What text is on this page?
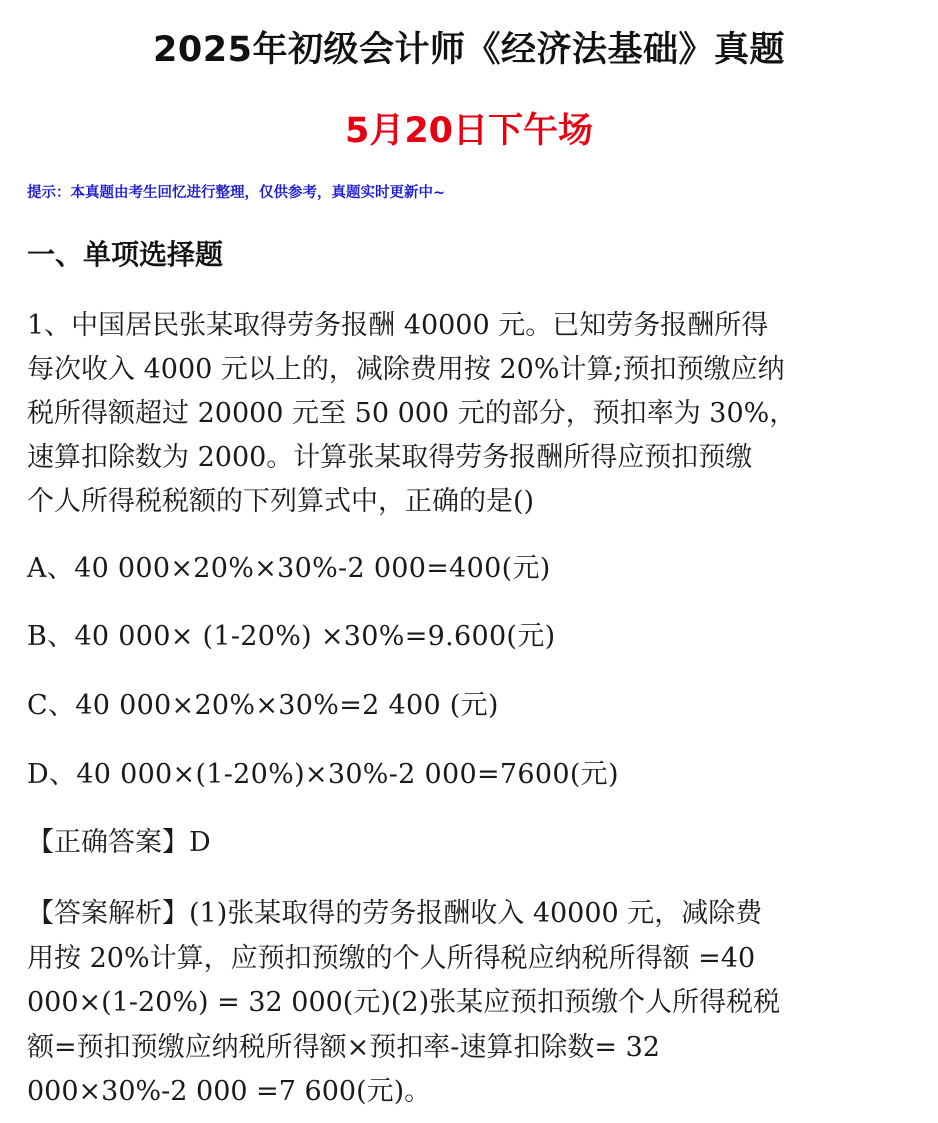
2025年初级会计师《经济法基础》真题
5月20日下午场
提示：本真题由考生回忆进行整理，仅供参考，真题实时更新中~
一、单项选择题
1、中国居民张某取得劳务报酬 40000 元。已知劳务报酬所得
每次收入 4000 元以上的，减除费用按 20%计算;预扣预缴应纳
税所得额超过 20000 元至 50 000 元的部分，预扣率为 30%，
速算扣除数为 2000。计算张某取得劳务报酬所得应预扣预缴
个人所得税税额的下列算式中，正确的是()
A、40 000×20%×30%-2 000=400(元)
B、40 000× (1-20%) ×30%=9.600(元)
C、40 000×20%×30%=2 400 (元)
D、40 000×(1-20%)×30%-2 000=7600(元)
【正确答案】D
【答案解析】(1)张某取得的劳务报酬收入 40000 元，减除费
用按 20%计算，应预扣预缴的个人所得税应纳税所得额 =40
000×(1-20%) = 32 000(元)(2)张某应预扣预缴个人所得税税
额=预扣预缴应纳税所得额×预扣率-速算扣除数= 32
000×30%-2 000 =7 600(元)。
